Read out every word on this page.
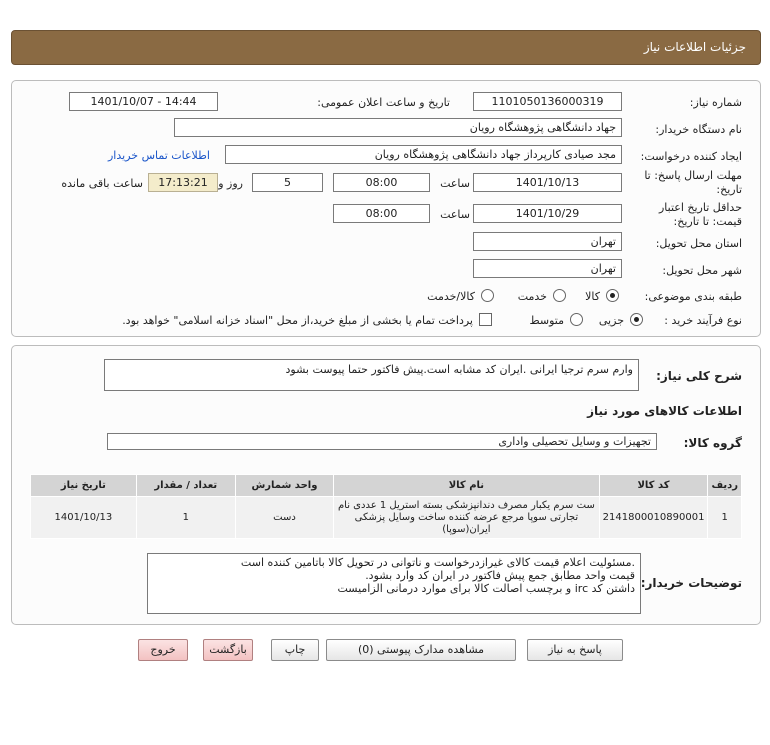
جزئیات اطلاعات نیاز
شماره نیاز:
1101050136000319
تاریخ و ساعت اعلان عمومی:
1401/10/07 - 14:44
نام دستگاه خریدار:
جهاد دانشگاهی پژوهشگاه رویان
ایجاد کننده درخواست:
مجد صیادی کارپرداز جهاد دانشگاهی پژوهشگاه رویان
اطلاعات تماس خریدار
مهلت ارسال پاسخ: تا
تاریخ:
1401/10/13
ساعت
08:00
5
روز و
17:13:21
ساعت باقی مانده
حداقل تاریخ اعتبار
قیمت: تا تاریخ:
1401/10/29
ساعت
08:00
استان محل تحویل:
تهران
شهر محل تحویل:
تهران
طبقه بندی موضوعی:
کالا
خدمت
کالا/خدمت
نوع فرآیند خرید :
جزیی
متوسط
پرداخت تمام یا بخشی از مبلغ خرید،از محل "اسناد خزانه اسلامی" خواهد بود.
شرح کلی نیاز:
وارم سرم ترجیا ایرانی .ایران کد مشابه است.پیش فاکتور حتما پیوست بشود
اطلاعات کالاهای مورد نیاز
گروه کالا:
تجهیزات و وسایل تحصیلی واداری
ردیف	کد کالا	نام کالا	واحد شمارش	تعداد / مقدار	تاریخ نیاز
1	2141800010890001	ست سرم یکبار مصرف دندانپزشکی بسته استریل 1 عددی نام تجارتی سوپا مرجع عرضه کننده ساخت وسایل پزشکی ایران(سوپا)	دست	1	1401/10/13
توضیحات خریدار:
.مسئولیت اعلام قیمت کالای غیرازدرخواست و ناتوانی در تحویل کالا باتامین کننده است
قیمت واحد مطابق جمع پیش فاکتور در ایران کد وارد بشود.
داشتن کد irc و برچسب اصالت کالا برای موارد درمانی الزامیست
پاسخ به نیاز
مشاهده مدارک پیوستی (0)
چاپ
بازگشت
خروج
